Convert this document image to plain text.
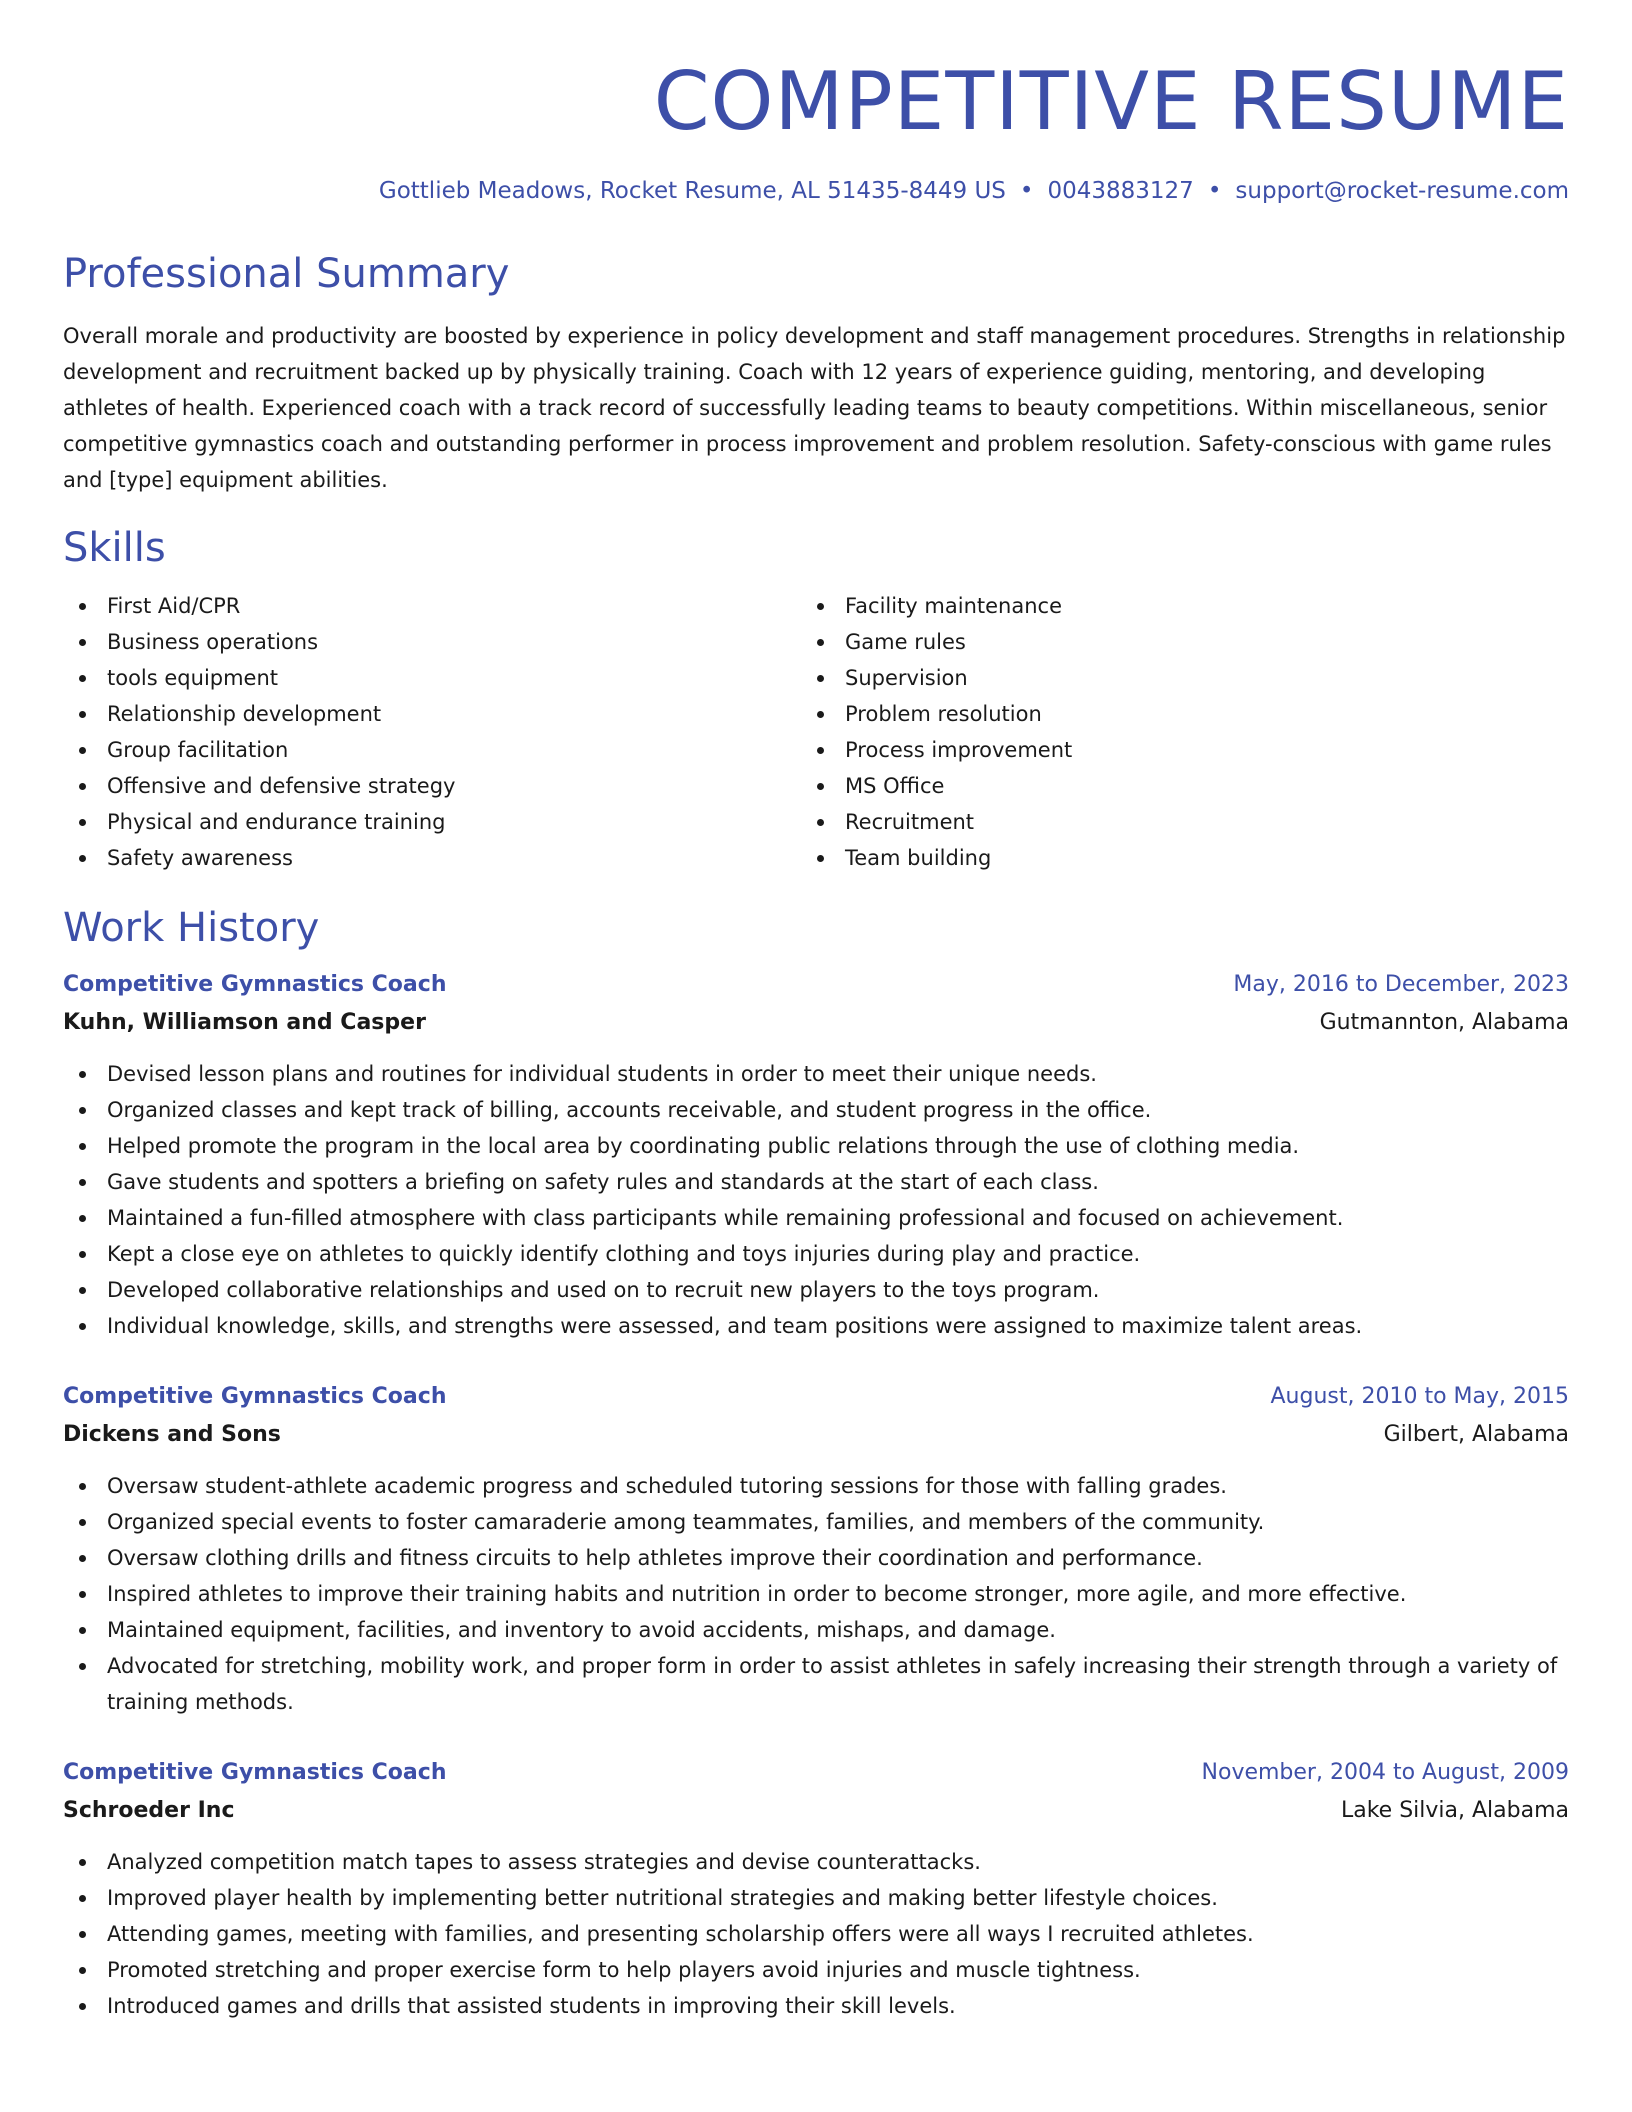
COMPETITIVE RESUME
Gottlieb Meadows, Rocket Resume, AL 51435-8449 US • 0043883127 • support@rocket-resume.com
Professional Summary
Overall morale and productivity are boosted by experience in policy development and staff management procedures. Strengths in relationship development and recruitment backed up by physically training. Coach with 12 years of experience guiding, mentoring, and developing athletes of health. Experienced coach with a track record of successfully leading teams to beauty competitions. Within miscellaneous, senior competitive gymnastics coach and outstanding performer in process improvement and problem resolution. Safety-conscious with game rules and [type] equipment abilities.
Skills
First Aid/CPR
Business operations
tools equipment
Relationship development
Group facilitation
Offensive and defensive strategy
Physical and endurance training
Safety awareness
Facility maintenance
Game rules
Supervision
Problem resolution
Process improvement
MS Office
Recruitment
Team building
Work History
Competitive Gymnastics Coach	May, 2016 to December, 2023
Kuhn, Williamson and Casper	Gutmannton, Alabama
Devised lesson plans and routines for individual students in order to meet their unique needs.
Organized classes and kept track of billing, accounts receivable, and student progress in the office.
Helped promote the program in the local area by coordinating public relations through the use of clothing media.
Gave students and spotters a briefing on safety rules and standards at the start of each class.
Maintained a fun-filled atmosphere with class participants while remaining professional and focused on achievement.
Kept a close eye on athletes to quickly identify clothing and toys injuries during play and practice.
Developed collaborative relationships and used on to recruit new players to the toys program.
Individual knowledge, skills, and strengths were assessed, and team positions were assigned to maximize talent areas.
Competitive Gymnastics Coach	August, 2010 to May, 2015
Dickens and Sons	Gilbert, Alabama
Oversaw student-athlete academic progress and scheduled tutoring sessions for those with falling grades.
Organized special events to foster camaraderie among teammates, families, and members of the community.
Oversaw clothing drills and fitness circuits to help athletes improve their coordination and performance.
Inspired athletes to improve their training habits and nutrition in order to become stronger, more agile, and more effective.
Maintained equipment, facilities, and inventory to avoid accidents, mishaps, and damage.
Advocated for stretching, mobility work, and proper form in order to assist athletes in safely increasing their strength through a variety of training methods.
Competitive Gymnastics Coach	November, 2004 to August, 2009
Schroeder Inc	Lake Silvia, Alabama
Analyzed competition match tapes to assess strategies and devise counterattacks.
Improved player health by implementing better nutritional strategies and making better lifestyle choices.
Attending games, meeting with families, and presenting scholarship offers were all ways I recruited athletes.
Promoted stretching and proper exercise form to help players avoid injuries and muscle tightness.
Introduced games and drills that assisted students in improving their skill levels.
